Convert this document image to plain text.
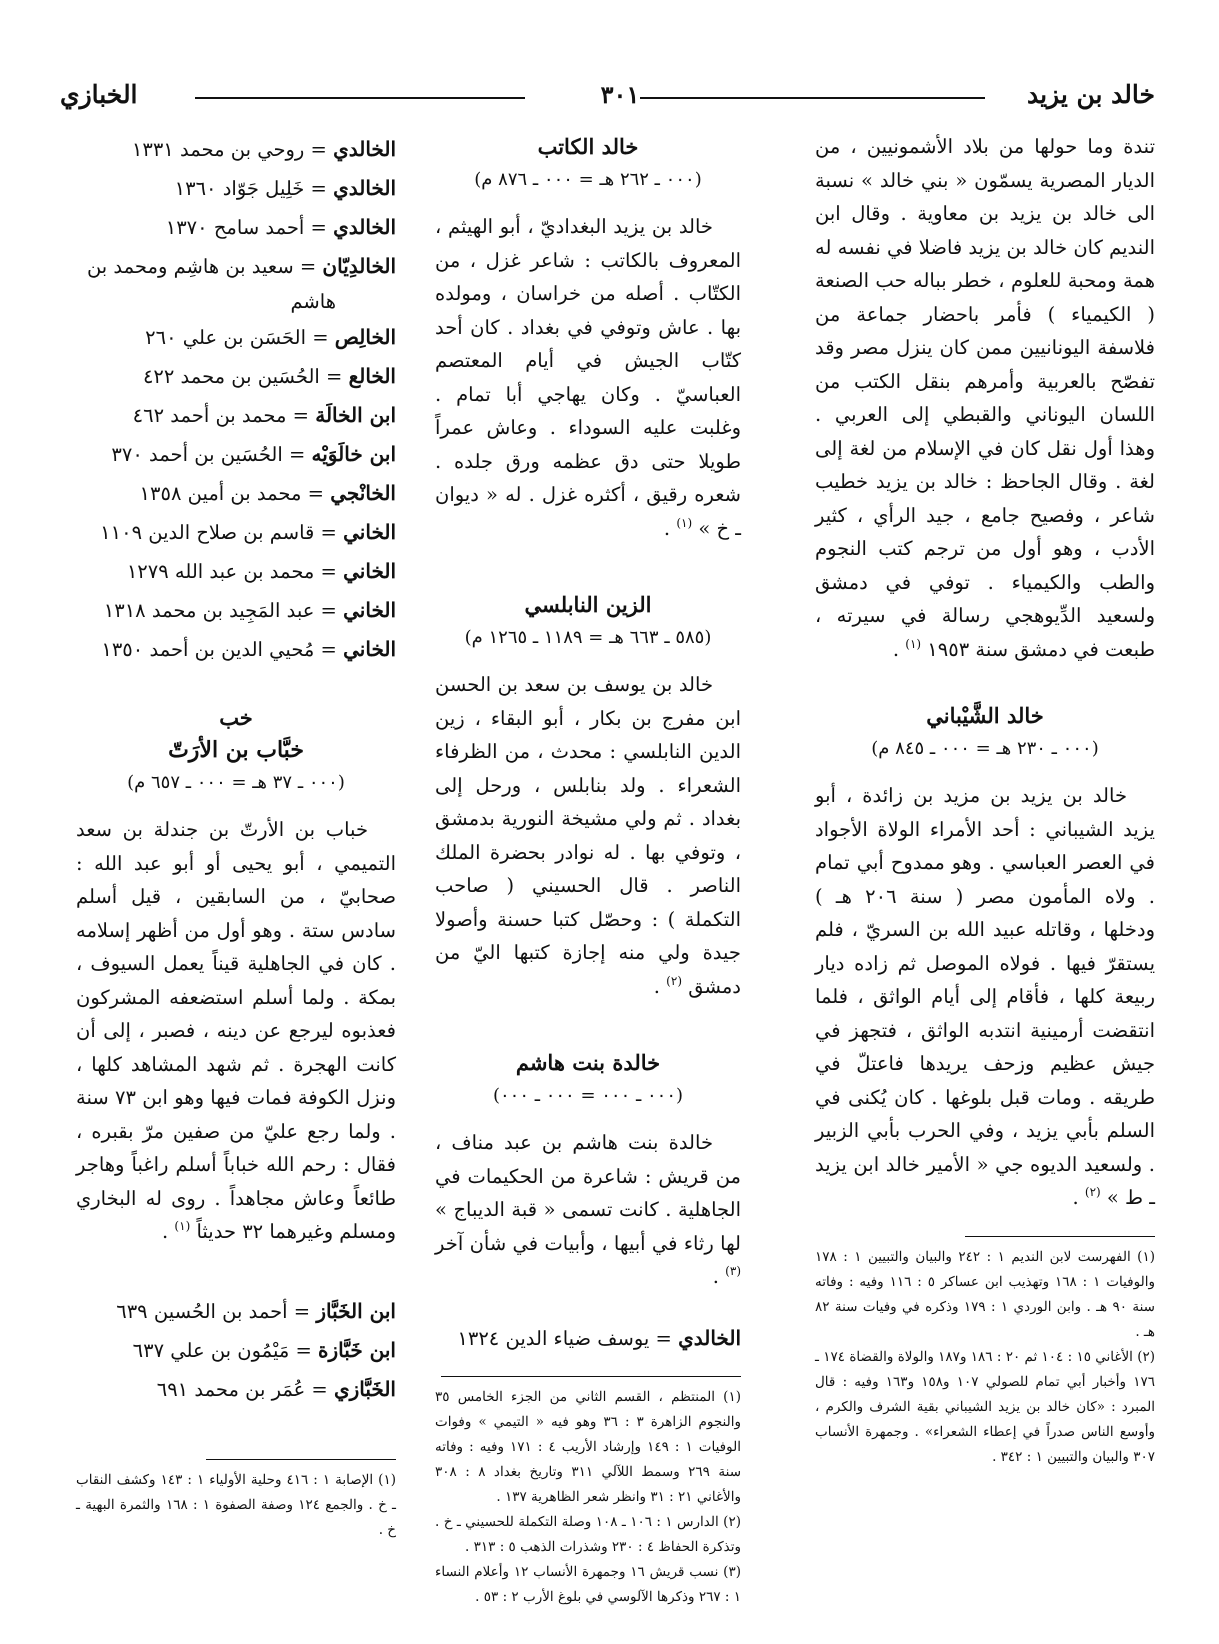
خالد بن يزيد
٣٠١
الخبازي

تندة وما حولها من بلاد الأشمونيين ، من الديار المصرية يسمّون « بني خالد » نسبة الى خالد بن يزيد بن معاوية . وقال ابن النديم كان خالد بن يزيد فاضلا في نفسه له همة ومحبة للعلوم ، خطر بباله حب الصنعة ( الكيمياء ) فأمر باحضار جماعة من فلاسفة اليونانيين ممن كان ينزل مصر وقد تفصّح بالعربية وأمرهم بنقل الكتب من اللسان اليوناني والقبطي إلى العربي . وهذا أول نقل كان في الإسلام من لغة إلى لغة . وقال الجاحظ : خالد بن يزيد خطيب شاعر ، وفصيح جامع ، جيد الرأي ، كثير الأدب ، وهو أول من ترجم كتب النجوم والطب والكيمياء . توفي في دمشق ولسعيد الدِّيوهجي رسالة في سيرته ، طبعت في دمشق سنة ١٩٥٣ $^{(١)}$ .

خالد الشَّيْباني

(٠٠٠ ـ ٢٣٠ هـ = ٠٠٠ ـ ٨٤٥ م)

خالد بن يزيد بن مزيد بن زائدة ، أبو يزيد الشيباني : أحد الأمراء الولاة الأجواد في العصر العباسي . وهو ممدوح أبي تمام . ولاه المأمون مصر ( سنة ٢٠٦ هـ ) ودخلها ، وقاتله عبيد الله بن السريّ ، فلم يستقرّ فيها . فولاه الموصل ثم زاده ديار ربيعة كلها ، فأقام إلى أيام الواثق ، فلما انتقضت أرمينية انتدبه الواثق ، فتجهز في جيش عظيم وزحف يريدها فاعتلّ في طريقه . ومات قبل بلوغها . كان يُكنى في السلم بأبي يزيد ، وفي الحرب بأبي الزبير . ولسعيد الديوه جي « الأمير خالد ابن يزيد ـ ط » $^{(٢)}$ .

(١) الفهرست لابن النديم ١ : ٢٤٢ والبيان والتبيين ١ : ١٧٨ والوفيات ١ : ١٦٨ وتهذيب ابن عساكر ٥ : ١١٦ وفيه : وفاته سنة ٩٠ هـ . وابن الوردي ١ : ١٧٩ وذكره في وفيات سنة ٨٢ هـ .

(٢) الأغاني ١٥ : ١٠٤ ثم ٢٠ : ١٨٦ و١٨٧ والولاة والقضاة ١٧٤ ـ ١٧٦ وأخبار أبي تمام للصولي ١٠٧ و١٥٨ و١٦٣ وفيه : قال المبرد : «كان خالد بن يزيد الشيباني بقية الشرف والكرم ، وأوسع الناس صدراً في إعطاء الشعراء» . وجمهرة الأنساب ٣٠٧ والبيان والتبيين ١ : ٣٤٢ .

خالد الكاتب

(٠٠٠ ـ ٢٦٢ هـ = ٠٠٠ ـ ٨٧٦ م)

خالد بن يزيد البغداديّ ، أبو الهيثم ، المعروف بالكاتب : شاعر غزل ، من الكتّاب . أصله من خراسان ، ومولده بها . عاش وتوفي في بغداد . كان أحد كتّاب الجيش في أيام المعتصم العباسيّ . وكان يهاجي أبا تمام . وغلبت عليه السوداء . وعاش عمراً طويلا حتى دق عظمه ورق جلده . شعره رقيق ، أكثره غزل . له « ديوان ـ خ » $^{(١)}$ .

الزين النابلسي

(٥٨٥ ـ ٦٦٣ هـ = ١١٨٩ ـ ١٢٦٥ م)

خالد بن يوسف بن سعد بن الحسن ابن مفرج بن بكار ، أبو البقاء ، زين الدين النابلسي : محدث ، من الظرفاء الشعراء . ولد بنابلس ، ورحل إلى بغداد . ثم ولي مشيخة النورية بدمشق ، وتوفي بها . له نوادر بحضرة الملك الناصر . قال الحسيني ( صاحب التكملة ) : وحصّل كتبا حسنة وأصولا جيدة ولي منه إجازة كتبها اليّ من دمشق $^{(٢)}$ .

خالدة بنت هاشم

(٠٠٠ ـ ٠٠٠ = ٠٠٠ ـ ٠٠٠)

خالدة بنت هاشم بن عبد مناف ، من قريش : شاعرة من الحكيمات في الجاهلية . كانت تسمى « قبة الديباج » لها رثاء في أبيها ، وأبيات في شأن آخر $^{(٣)}$ .

الخالدي = يوسف ضياء الدين ١٣٢٤

(١) المنتظم ، القسم الثاني من الجزء الخامس ٣٥ والنجوم الزاهرة ٣ : ٣٦ وهو فيه « التيمي » وفوات الوفيات ١ : ١٤٩ وإرشاد الأريب ٤ : ١٧١ وفيه : وفاته سنة ٢٦٩ وسمط اللآلي ٣١١ وتاريخ بغداد ٨ : ٣٠٨ والأغاني ٢١ : ٣١ وانظر شعر الظاهرية ١٣٧ .

(٢) الدارس ١ : ١٠٦ ـ ١٠٨ وصلة التكملة للحسيني ـ خ . وتذكرة الحفاظ ٤ : ٢٣٠ وشذرات الذهب ٥ : ٣١٣ .

(٣) نسب قريش ١٦ وجمهرة الأنساب ١٢ وأعلام النساء ١ : ٢٦٧ وذكرها الآلوسي في بلوغ الأرب ٢ : ٥٣ .

الخالدي = روحي بن محمد ١٣٣١

الخالدي = خَلِيل جَوّاد ١٣٦٠

الخالدي = أحمد سامح ١٣٧٠

الخالدِيّان = سعيد بن هاشِم ومحمد بن

هاشم

الخالِص = الحَسَن بن علي ٢٦٠

الخالع = الحُسَين بن محمد ٤٢٢

ابن الخالَة = محمد بن أحمد ٤٦٢

ابن خالَوَيْه = الحُسَين بن أحمد ٣٧٠

الخانْجي = محمد بن أمين ١٣٥٨

الخاني = قاسم بن صلاح الدين ١١٠٩

الخاني = محمد بن عبد الله ١٢٧٩

الخاني = عبد المَجِيد بن محمد ١٣١٨

الخاني = مُحيي الدين بن أحمد ١٣٥٠

خب

خبَّاب بن الأرَتّ

(٠٠٠ ـ ٣٧ هـ = ٠٠٠ ـ ٦٥٧ م)

خباب بن الأرتّ بن جندلة بن سعد التميمي ، أبو يحيى أو أبو عبد الله : صحابيّ ، من السابقين ، قيل أسلم سادس ستة . وهو أول من أظهر إسلامه . كان في الجاهلية قيناً يعمل السيوف ، بمكة . ولما أسلم استضعفه المشركون فعذبوه ليرجع عن دينه ، فصبر ، إلى أن كانت الهجرة . ثم شهد المشاهد كلها ، ونزل الكوفة فمات فيها وهو ابن ٧٣ سنة . ولما رجع عليّ من صفين مرّ بقبره ، فقال : رحم الله خباباً أسلم راغباً وهاجر طائعاً وعاش مجاهداً . روى له البخاري ومسلم وغيرهما ٣٢ حديثاً $^{(١)}$ .

ابن الخَبَّاز = أحمد بن الحُسين ٦٣٩

ابن خَبَّازة = مَيْمُون بن علي ٦٣٧

الخَبَّازي = عُمَر بن محمد ٦٩١

(١) الإصابة ١ : ٤١٦ وحلية الأولياء ١ : ١٤٣ وكشف النقاب ـ خ . والجمع ١٢٤ وصفة الصفوة ١ : ١٦٨ والثمرة البهية ـ خ .
